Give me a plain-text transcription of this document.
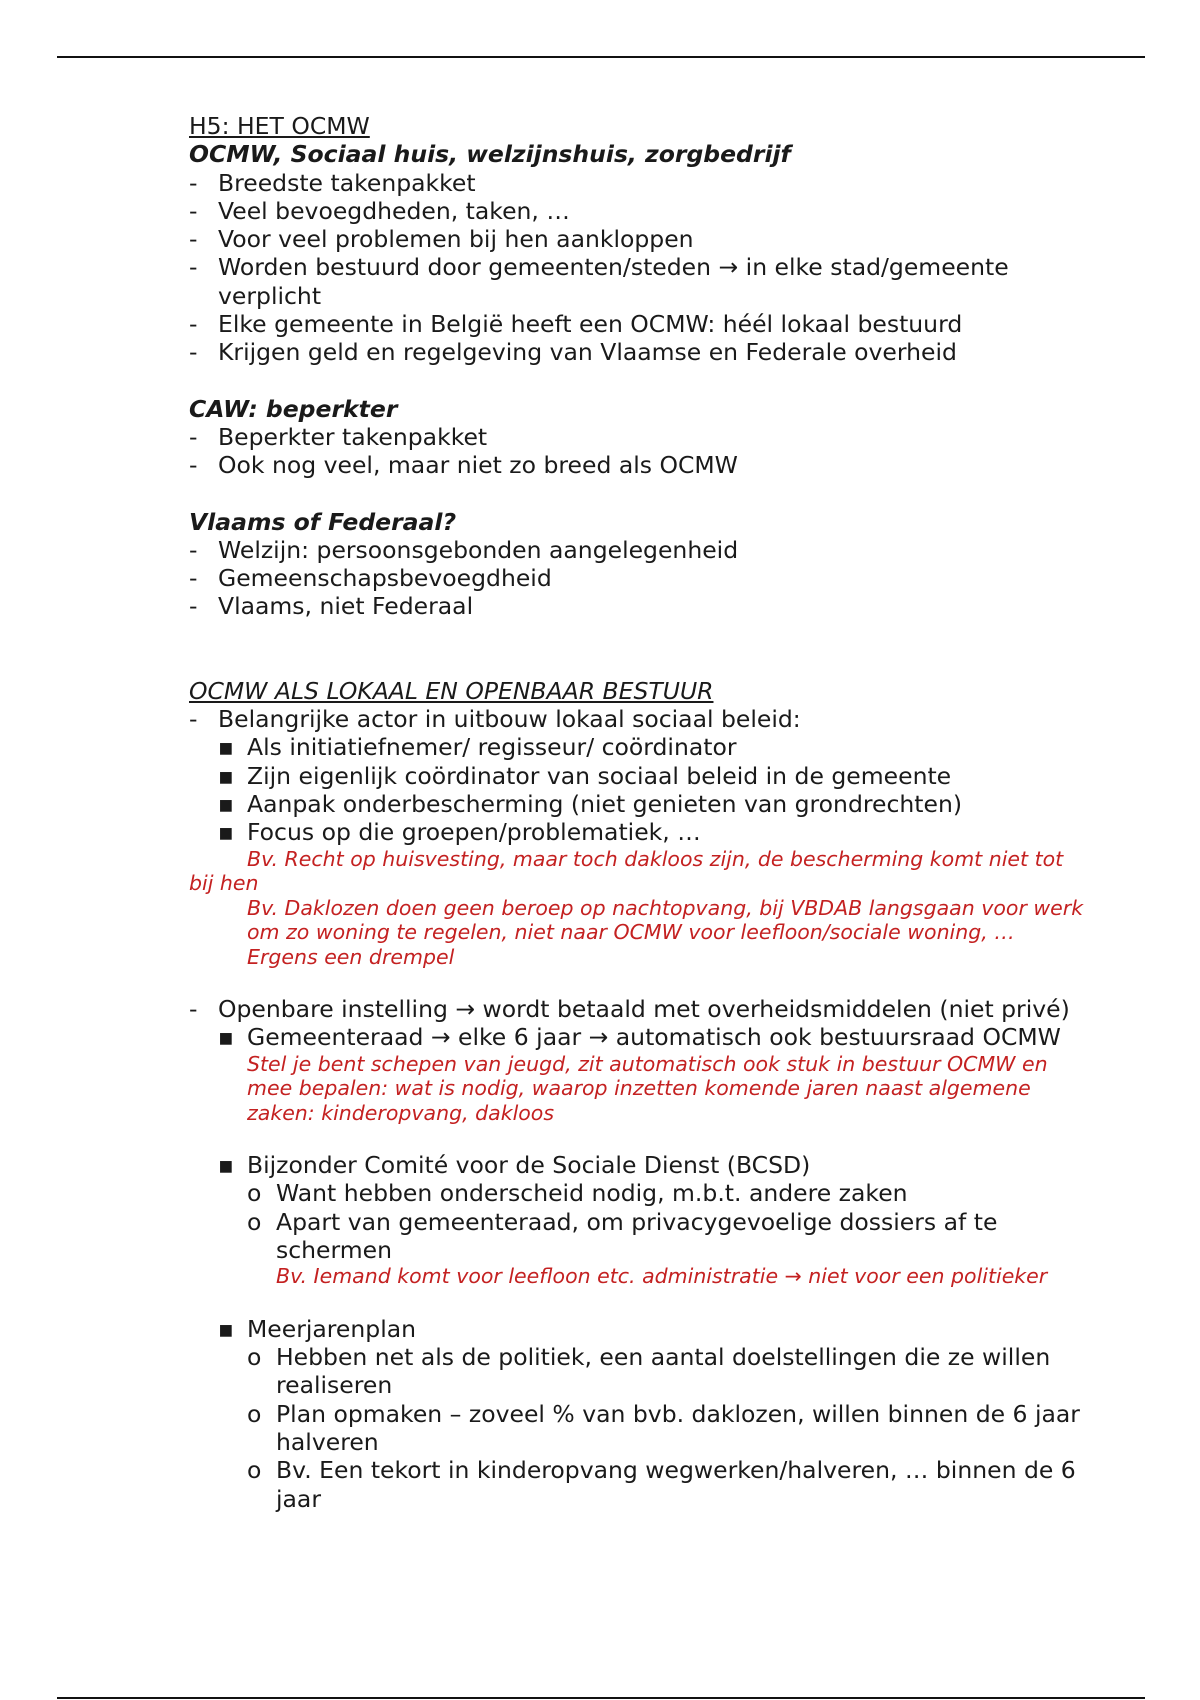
H5: HET OCMW
OCMW, Sociaal huis, welzijnshuis, zorgbedrijf
- Breedste takenpakket
- Veel bevoegdheden, taken, …
- Voor veel problemen bij hen aankloppen
- Worden bestuurd door gemeenten/steden → in elke stad/gemeente verplicht
- Elke gemeente in België heeft een OCMW: héél lokaal bestuurd
- Krijgen geld en regelgeving van Vlaamse en Federale overheid
CAW: beperkter
- Beperkter takenpakket
- Ook nog veel, maar niet zo breed als OCMW
Vlaams of Federaal?
- Welzijn: persoonsgebonden aangelegenheid
- Gemeenschapsbevoegdheid
- Vlaams, niet Federaal
OCMW ALS LOKAAL EN OPENBAAR BESTUUR
- Belangrijke actor in uitbouw lokaal sociaal beleid:
▪ Als initiatiefnemer/ regisseur/ coördinator
▪ Zijn eigenlijk coördinator van sociaal beleid in de gemeente
▪ Aanpak onderbescherming (niet genieten van grondrechten)
▪ Focus op die groepen/problematiek, …
Bv. Recht op huisvesting, maar toch dakloos zijn, de bescherming komt niet tot bij hen
Bv. Daklozen doen geen beroep op nachtopvang, bij VBDAB langsgaan voor werk om zo woning te regelen, niet naar OCMW voor leefloon/sociale woning, … Ergens een drempel
- Openbare instelling → wordt betaald met overheidsmiddelen (niet privé)
▪ Gemeenteraad → elke 6 jaar → automatisch ook bestuursraad OCMW
Stel je bent schepen van jeugd, zit automatisch ook stuk in bestuur OCMW en mee bepalen: wat is nodig, waarop inzetten komende jaren naast algemene zaken: kinderopvang, dakloos
▪ Bijzonder Comité voor de Sociale Dienst (BCSD)
o Want hebben onderscheid nodig, m.b.t. andere zaken
o Apart van gemeenteraad, om privacygevoelige dossiers af te schermen
Bv. Iemand komt voor leefloon etc. administratie → niet voor een politieker
▪ Meerjarenplan
o Hebben net als de politiek, een aantal doelstellingen die ze willen realiseren
o Plan opmaken – zoveel % van bvb. daklozen, willen binnen de 6 jaar halveren
o Bv. Een tekort in kinderopvang wegwerken/halveren, … binnen de 6 jaar
